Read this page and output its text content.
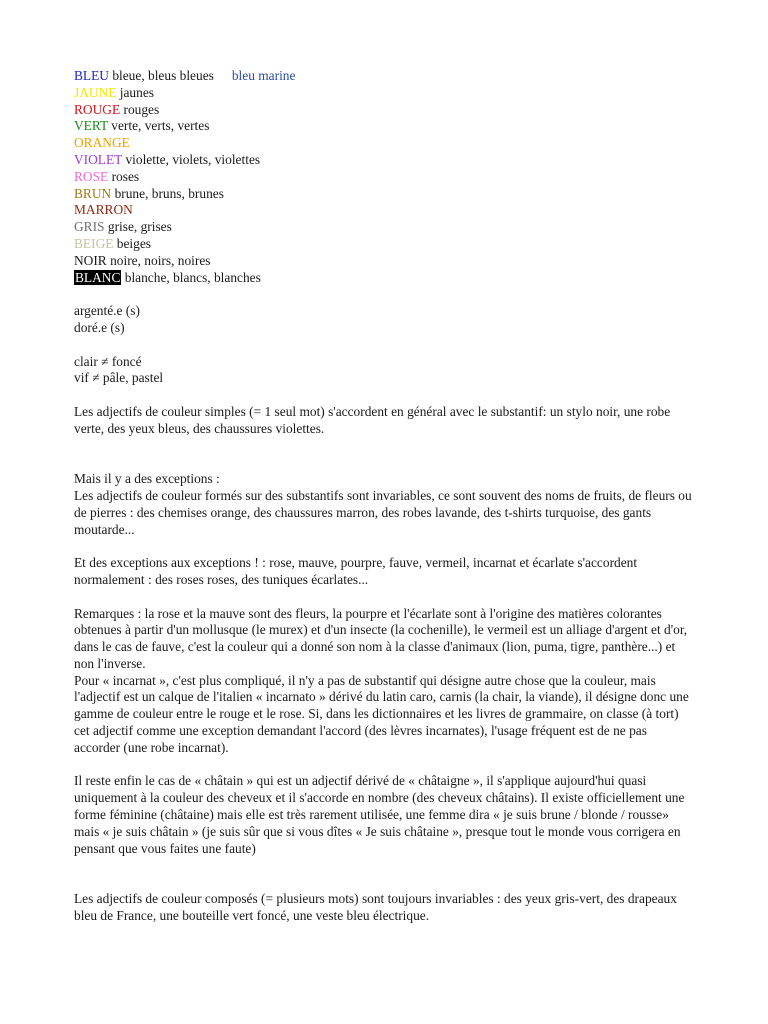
BLEU bleue, bleus bleues bleu marine
JAUNE jaunes
ROUGE rouges
VERT verte, verts, vertes
ORANGE
VIOLET violette, violets, violettes
ROSE roses
BRUN brune, bruns, brunes
MARRON
GRIS grise, grises
BEIGE beiges
NOIR noire, noirs, noires
BLANC blanche, blancs, blanches
argenté.e (s)
doré.e (s)
clair ≠ foncé
vif ≠ pâle, pastel
Les adjectifs de couleur simples (= 1 seul mot) s'accordent en général avec le substantif: un stylo noir, une robe verte, des yeux bleus, des chaussures violettes.
Mais il y a des exceptions :
Les adjectifs de couleur formés sur des substantifs sont invariables, ce sont souvent des noms de fruits, de fleurs ou de pierres : des chemises orange, des chaussures marron, des robes lavande, des t-shirts turquoise, des gants moutarde...
Et des exceptions aux exceptions ! : rose, mauve, pourpre, fauve, vermeil, incarnat et écarlate s'accordent normalement : des roses roses, des tuniques écarlates...
Remarques : la rose et la mauve sont des fleurs, la pourpre et l'écarlate sont à l'origine des matières colorantes obtenues à partir d'un mollusque (le murex) et d'un insecte (la cochenille), le vermeil est un alliage d'argent et d'or, dans le cas de fauve, c'est la couleur qui a donné son nom à la classe d'animaux (lion, puma, tigre, panthère...) et non l'inverse.
Pour « incarnat », c'est plus compliqué, il n'y a pas de substantif qui désigne autre chose que la couleur, mais l'adjectif est un calque de l'italien « incarnato » dérivé du latin caro, carnis (la chair, la viande), il désigne donc une gamme de couleur entre le rouge et le rose. Si, dans les dictionnaires et les livres de grammaire, on classe (à tort) cet adjectif comme une exception demandant l'accord (des lèvres incarnates), l'usage fréquent est de ne pas accorder (une robe incarnat).
Il reste enfin le cas de « châtain » qui est un adjectif dérivé de « châtaigne », il s'applique aujourd'hui quasi uniquement à la couleur des cheveux et il s'accorde en nombre (des cheveux châtains). Il existe officiellement une forme féminine (châtaine) mais elle est très rarement utilisée, une femme dira « je suis brune / blonde / rousse» mais « je suis châtain » (je suis sûr que si vous dîtes « Je suis châtaine », presque tout le monde vous corrigera en pensant que vous faites une faute)
Les adjectifs de couleur composés (= plusieurs mots) sont toujours invariables : des yeux gris-vert, des drapeaux bleu de France, une bouteille vert foncé, une veste bleu électrique.
